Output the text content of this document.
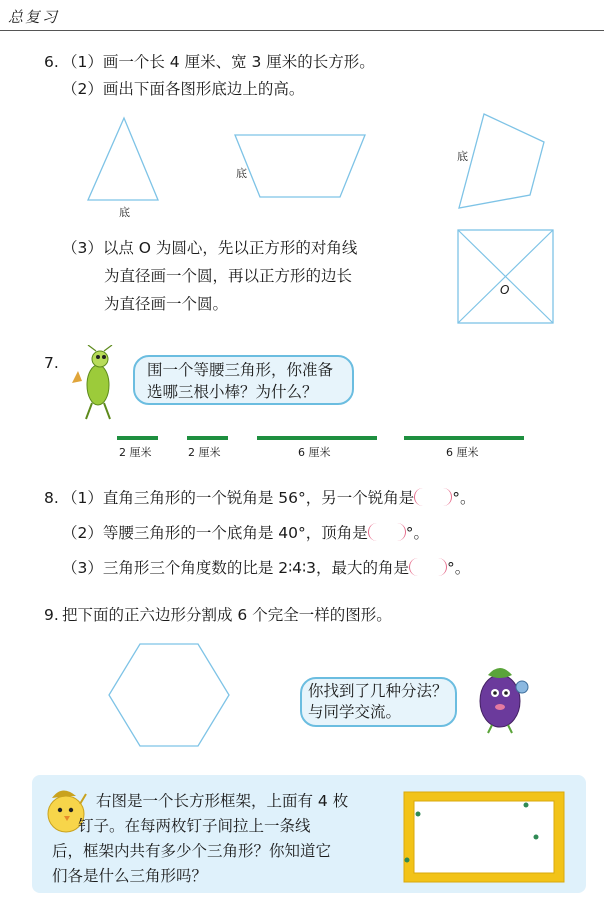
总复习
6. （1）画一个长 4 厘米、宽 3 厘米的长方形。
（2）画出下面各图形底边上的高。
底
底
底
（3）以点 O 为圆心，先以正方形的对角线
为直径画一个圆，再以正方形的边长
为直径画一个圆。
O
7.	围一个等腰三角形，你准备
选哪三根小棒？为什么？
2 厘米	2 厘米	6 厘米	6 厘米
8. （1）直角三角形的一个锐角是 56°，另一个锐角是 °。
（2）等腰三角形的一个底角是 40°，顶角是 °。
（3）三角形三个角度数的比是 2∶4∶3，最大的角是 °。
9. 把下面的正六边形分割成 6 个完全一样的图形。
你找到了几种分法？
与同学交流。
右图是一个长方形框架，上面有 4 枚
钉子。在每两枚钉子间拉上一条线
后，框架内共有多少个三角形？你知道它
们各是什么三角形吗？
